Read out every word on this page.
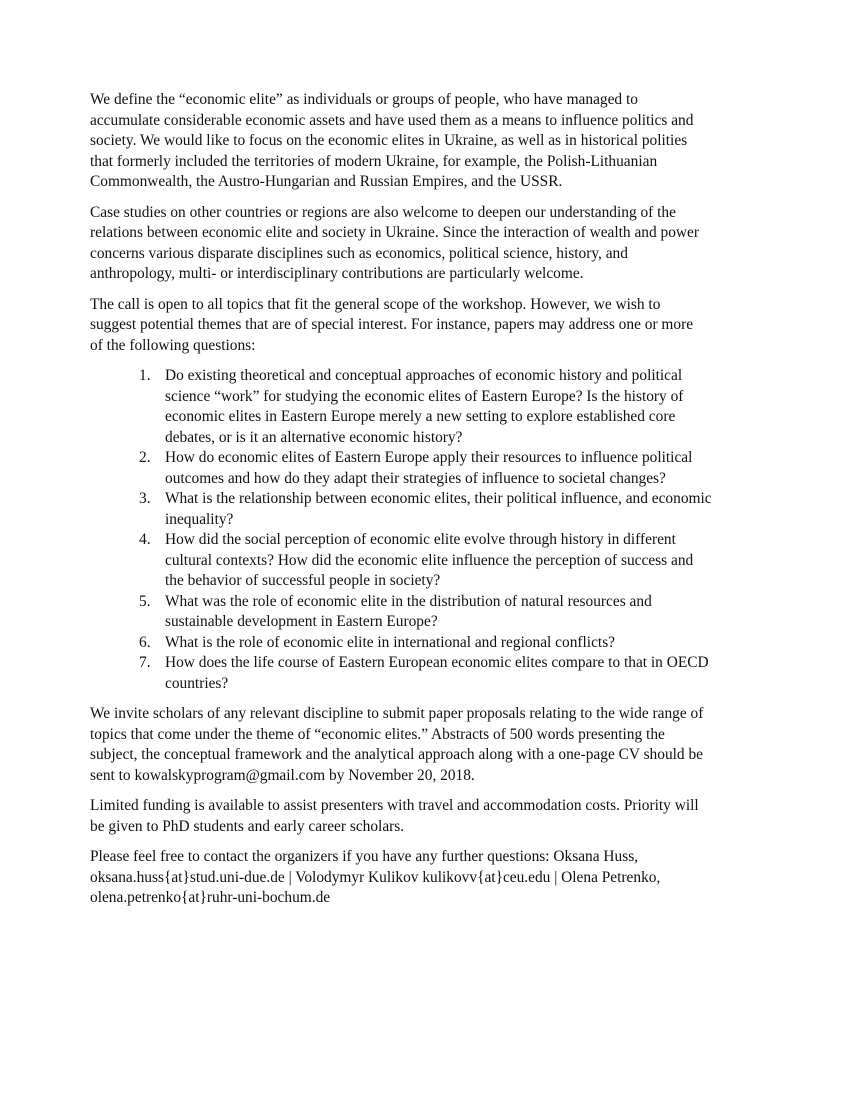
We define the “economic elite” as individuals or groups of people, who have managed to
accumulate considerable economic assets and have used them as a means to influence politics and
society. We would like to focus on the economic elites in Ukraine, as well as in historical polities
that formerly included the territories of modern Ukraine, for example, the Polish-Lithuanian
Commonwealth, the Austro-Hungarian and Russian Empires, and the USSR.

Case studies on other countries or regions are also welcome to deepen our understanding of the
relations between economic elite and society in Ukraine. Since the interaction of wealth and power
concerns various disparate disciplines such as economics, political science, history, and
anthropology, multi- or interdisciplinary contributions are particularly welcome.

The call is open to all topics that fit the general scope of the workshop. However, we wish to
suggest potential themes that are of special interest. For instance, papers may address one or more
of the following questions:

1. Do existing theoretical and conceptual approaches of economic history and political
science “work” for studying the economic elites of Eastern Europe? Is the history of
economic elites in Eastern Europe merely a new setting to explore established core
debates, or is it an alternative economic history?
2. How do economic elites of Eastern Europe apply their resources to influence political
outcomes and how do they adapt their strategies of influence to societal changes?
3. What is the relationship between economic elites, their political influence, and economic
inequality?
4. How did the social perception of economic elite evolve through history in different
cultural contexts? How did the economic elite influence the perception of success and
the behavior of successful people in society?
5. What was the role of economic elite in the distribution of natural resources and
sustainable development in Eastern Europe?
6. What is the role of economic elite in international and regional conflicts?
7. How does the life course of Eastern European economic elites compare to that in OECD
countries?

We invite scholars of any relevant discipline to submit paper proposals relating to the wide range of
topics that come under the theme of “economic elites.” Abstracts of 500 words presenting the
subject, the conceptual framework and the analytical approach along with a one-page CV should be
sent to kowalskyprogram@gmail.com by November 20, 2018.

Limited funding is available to assist presenters with travel and accommodation costs. Priority will
be given to PhD students and early career scholars.

Please feel free to contact the organizers if you have any further questions: Oksana Huss,
oksana.huss{at}stud.uni-due.de | Volodymyr Kulikov kulikovv{at}ceu.edu | Olena Petrenko,
olena.petrenko{at}ruhr-uni-bochum.de
